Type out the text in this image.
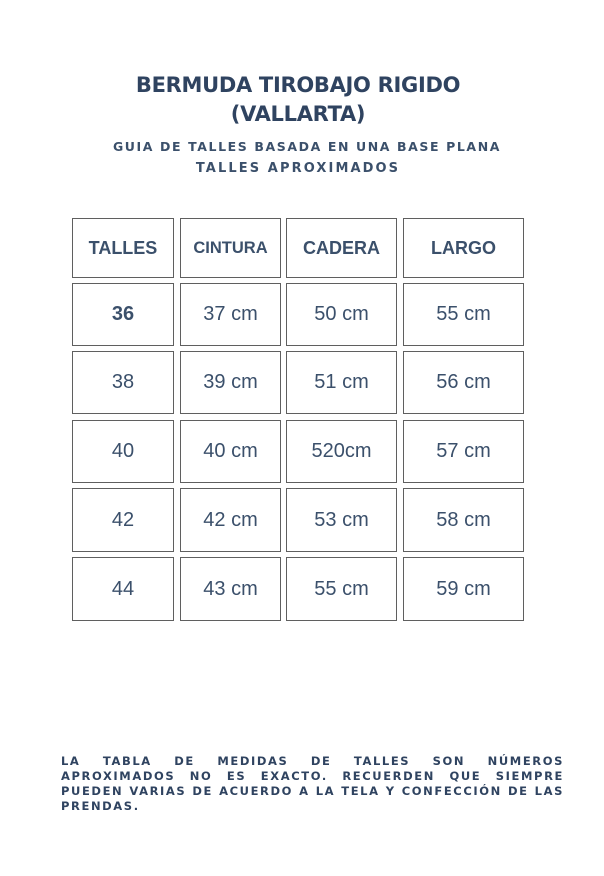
BERMUDA TIROBAJO RIGIDO
(VALLARTA)
GUIA DE TALLES BASADA EN UNA BASE PLANA
TALLES APROXIMADOS
TALLES	CINTURA	CADERA	LARGO
36	37 cm	50 cm	55 cm
38	39 cm	51 cm	56 cm
40	40 cm	520cm	57 cm
42	42 cm	53 cm	58 cm
44	43 cm	55 cm	59 cm
LA TABLA DE MEDIDAS DE TALLES SON NÚMEROS APROXIMADOS NO ES EXACTO. RECUERDEN QUE SIEMPRE PUEDEN VARIAS DE ACUERDO A LA TELA Y CONFECCIÓN DE LAS PRENDAS.
